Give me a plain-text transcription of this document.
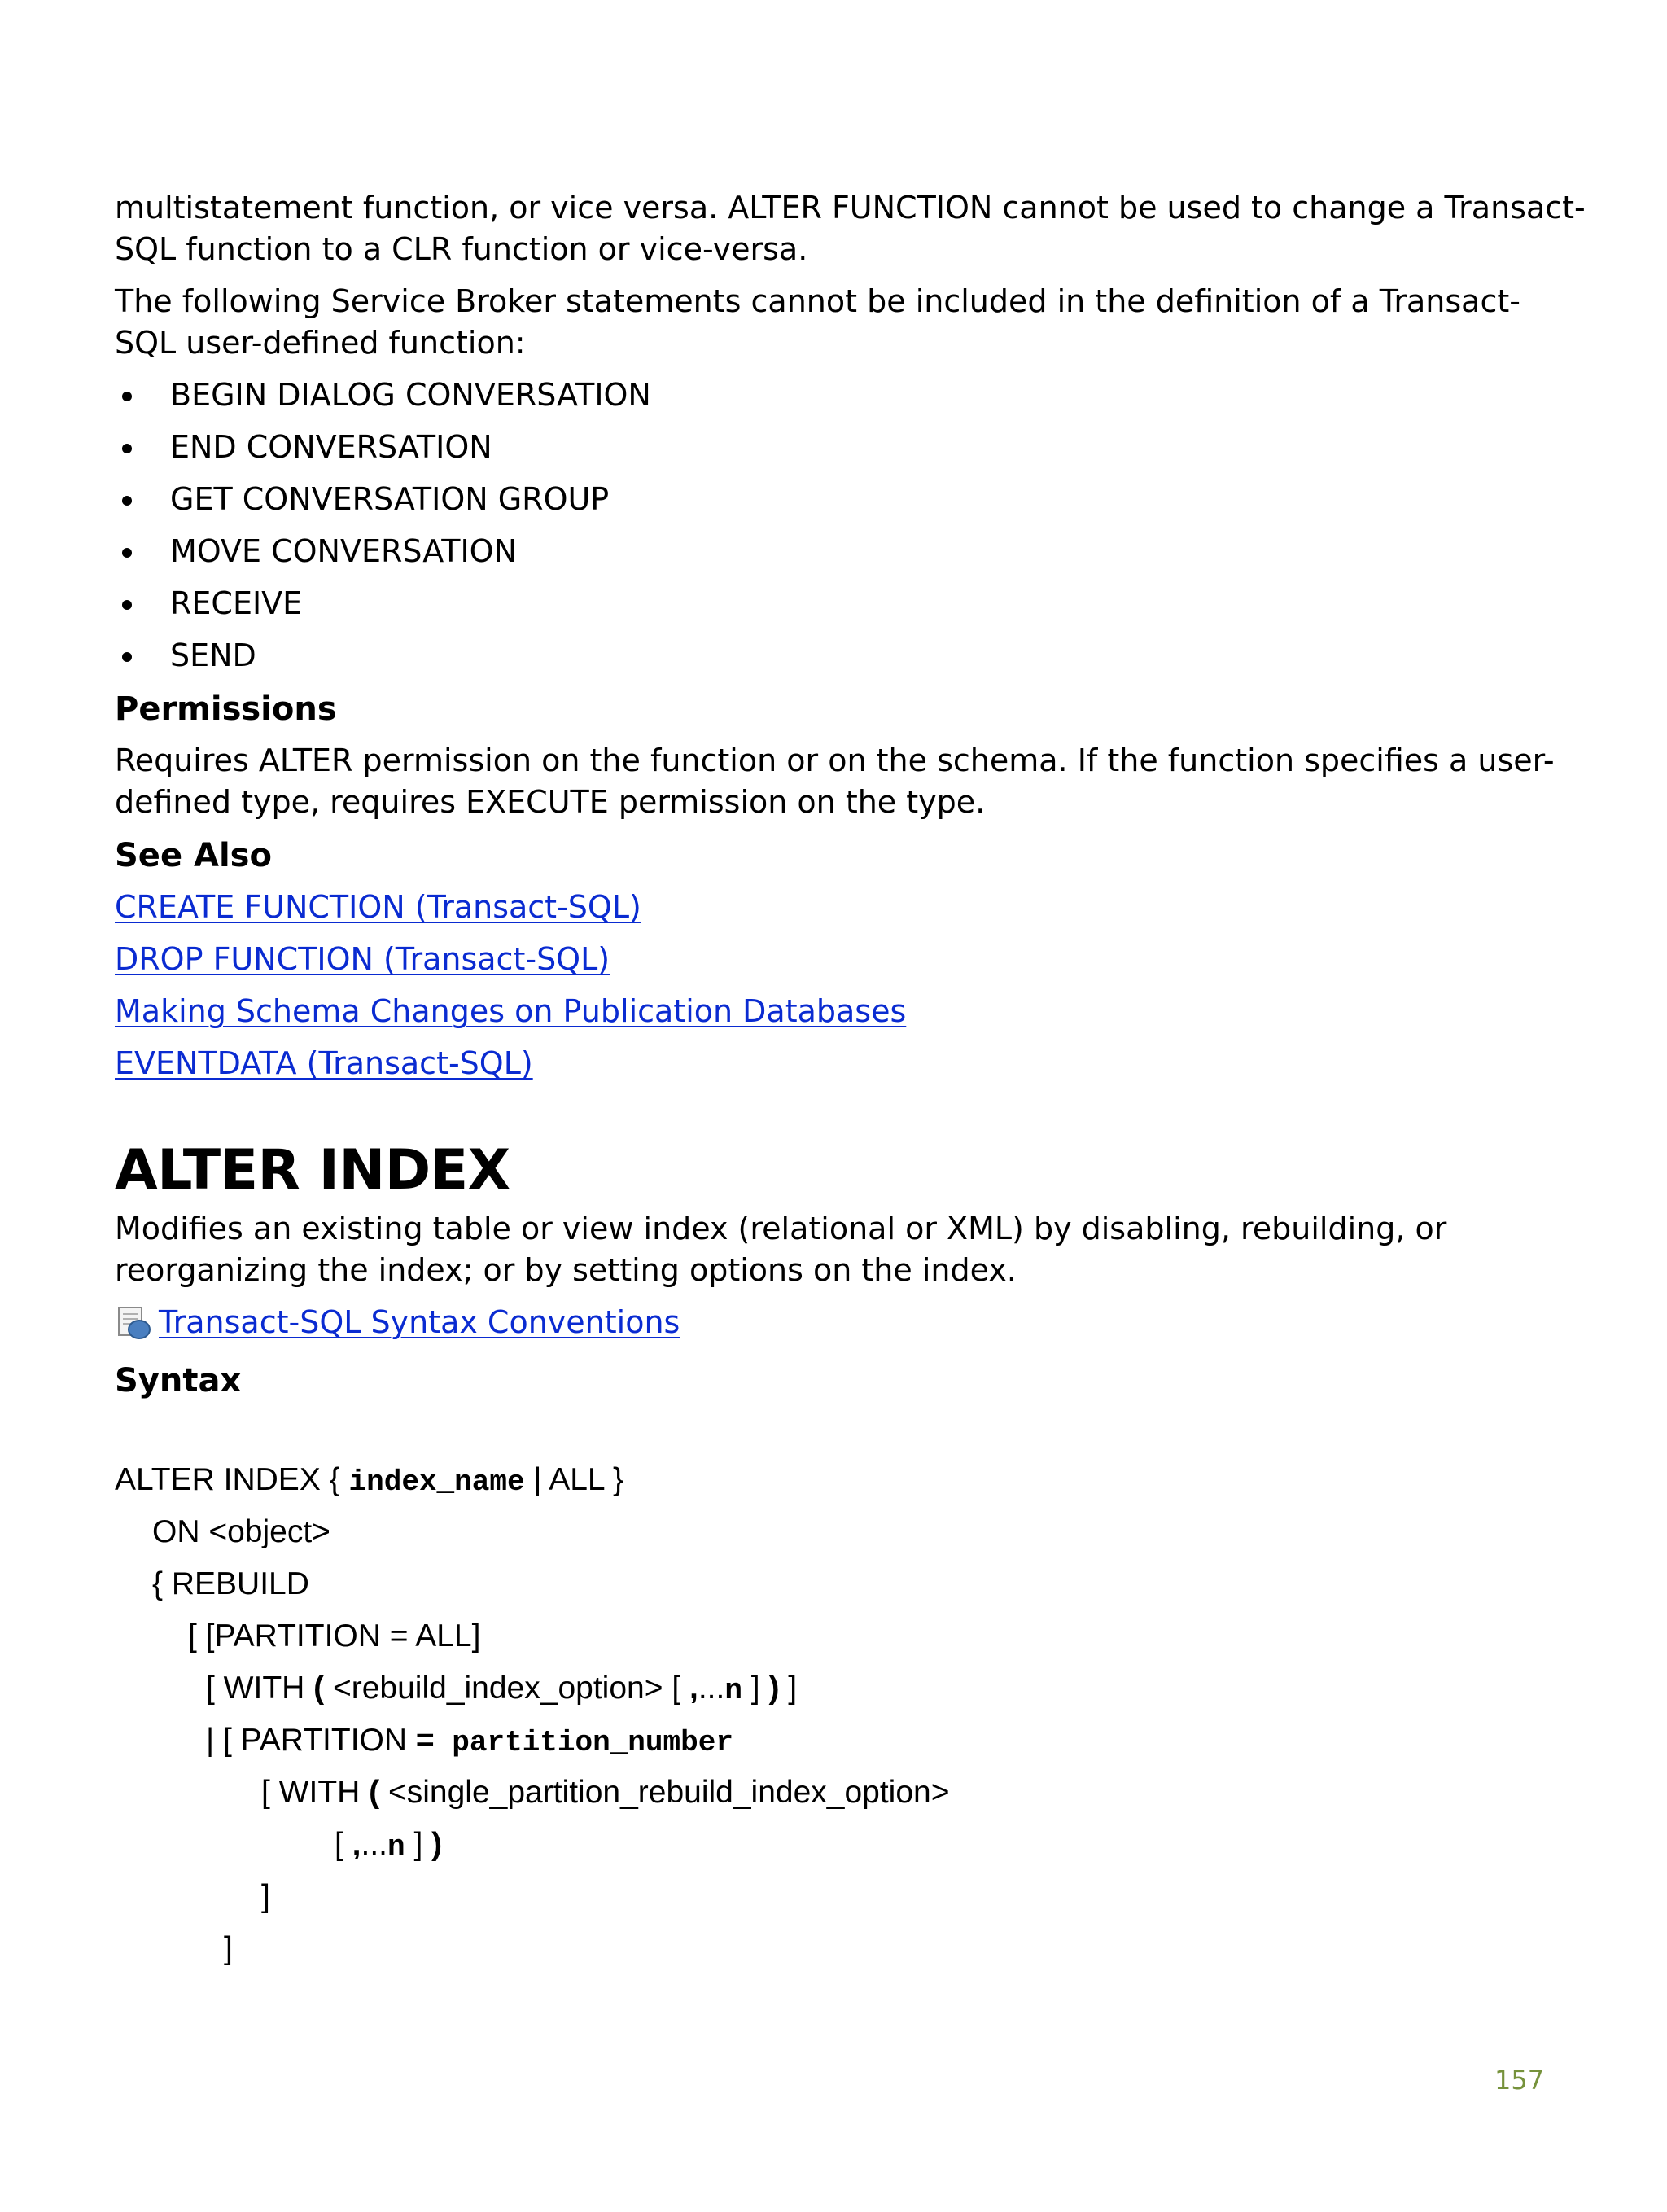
multistatement function, or vice versa. ALTER FUNCTION cannot be used to change a Transact-
SQL function to a CLR function or vice-versa.

The following Service Broker statements cannot be included in the definition of a Transact-
SQL user-defined function:

BEGIN DIALOG CONVERSATION
END CONVERSATION
GET CONVERSATION GROUP
MOVE CONVERSATION
RECEIVE
SEND
Permissions

Requires ALTER permission on the function or on the schema. If the function specifies a user-
defined type, requires EXECUTE permission on the type.

See Also
CREATE FUNCTION (Transact-SQL)
DROP FUNCTION (Transact-SQL)
Making Schema Changes on Publication Databases
EVENTDATA (Transact-SQL)
ALTER INDEX

Modifies an existing table or view index (relational or XML) by disabling, rebuilding, or
reorganizing the index; or by setting options on the index.

Transact-SQL Syntax Conventions
Syntax
ALTER INDEX { index_name | ALL }
ON <object>
{ REBUILD
[ [PARTITION = ALL]
[ WITH ( <rebuild_index_option> [ ,...n ] ) ]
| [ PARTITION = partition_number
[ WITH ( <single_partition_rebuild_index_option>
[ ,...n ] )
]
]
157
